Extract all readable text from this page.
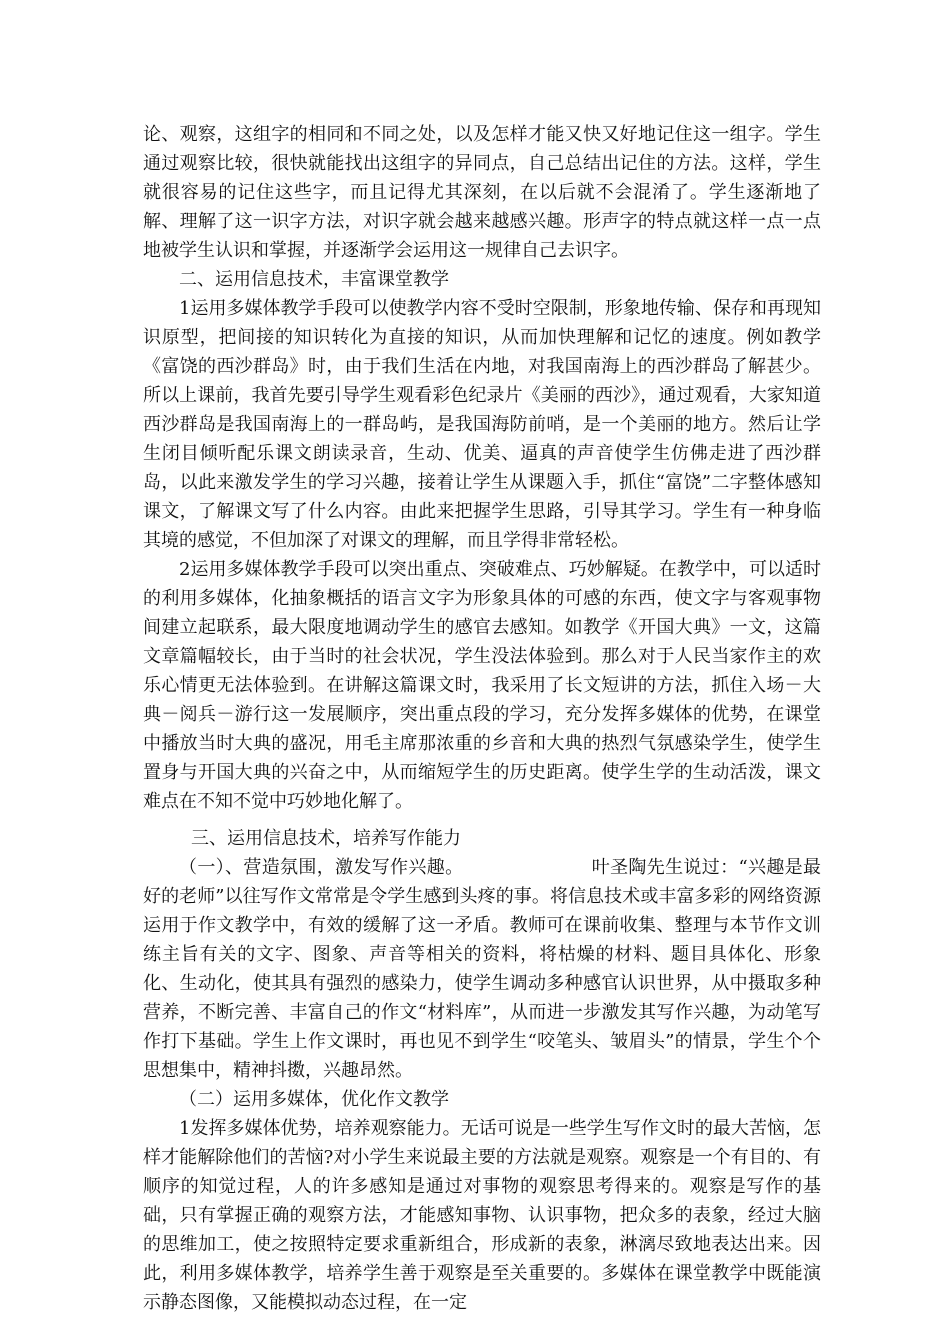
论、观察，这组字的相同和不同之处，以及怎样才能又快又好地记住这一组字。学生通过观察比较，很快就能找出这组字的异同点，自己总结出记住的方法。这样，学生就很容易的记住这些字，而且记得尤其深刻，在以后就不会混淆了。学生逐渐地了解、理解了这一识字方法，对识字就会越来越感兴趣。形声字的特点就这样一点一点地被学生认识和掌握，并逐渐学会运用这一规律自己去识字。

二、运用信息技术，丰富课堂教学

1运用多媒体教学手段可以使教学内容不受时空限制，形象地传输、保存和再现知识原型，把间接的知识转化为直接的知识，从而加快理解和记忆的速度。例如教学《富饶的西沙群岛》时，由于我们生活在内地，对我国南海上的西沙群岛了解甚少。所以上课前，我首先要引导学生观看彩色纪录片《美丽的西沙》，通过观看，大家知道西沙群岛是我国南海上的一群岛屿，是我国海防前哨，是一个美丽的地方。然后让学生闭目倾听配乐课文朗读录音，生动、优美、逼真的声音使学生仿佛走进了西沙群岛，以此来激发学生的学习兴趣，接着让学生从课题入手，抓住“富饶”二字整体感知课文，了解课文写了什么内容。由此来把握学生思路，引导其学习。学生有一种身临其境的感觉，不但加深了对课文的理解，而且学得非常轻松。

2运用多媒体教学手段可以突出重点、突破难点、巧妙解疑。在教学中，可以适时的利用多媒体，化抽象概括的语言文字为形象具体的可感的东西，使文字与客观事物间建立起联系，最大限度地调动学生的感官去感知。如教学《开国大典》一文，这篇文章篇幅较长，由于当时的社会状况，学生没法体验到。那么对于人民当家作主的欢乐心情更无法体验到。在讲解这篇课文时，我采用了长文短讲的方法，抓住入场－大典－阅兵－游行这一发展顺序，突出重点段的学习，充分发挥多媒体的优势，在课堂中播放当时大典的盛况，用毛主席那浓重的乡音和大典的热烈气氛感染学生，使学生置身与开国大典的兴奋之中，从而缩短学生的历史距离。使学生学的生动活泼，课文难点在不知不觉中巧妙地化解了。

三、运用信息技术，培养写作能力

（一）、营造氛围，激发写作兴趣。	叶圣陶先生说过：“兴趣是最好的老师”以往写作文常常是令学生感到头疼的事。将信息技术或丰富多彩的网络资源运用于作文教学中，有效的缓解了这一矛盾。教师可在课前收集、整理与本节作文训练主旨有关的文字、图象、声音等相关的资料，将枯燥的材料、题目具体化、形象化、生动化，使其具有强烈的感染力，使学生调动多种感官认识世界，从中摄取多种营养，不断完善、丰富自己的作文“材料库”，从而进一步激发其写作兴趣，为动笔写作打下基础。学生上作文课时，再也见不到学生“咬笔头、皱眉头”的情景，学生个个思想集中，精神抖擞，兴趣昂然。

（二）运用多媒体，优化作文教学

1发挥多媒体优势，培养观察能力。无话可说是一些学生写作文时的最大苦恼，怎样才能解除他们的苦恼?对小学生来说最主要的方法就是观察。观察是一个有目的、有顺序的知觉过程，人的许多感知是通过对事物的观察思考得来的。观察是写作的基础，只有掌握正确的观察方法，才能感知事物、认识事物，把众多的表象，经过大脑的思维加工，使之按照特定要求重新组合，形成新的表象，淋漓尽致地表达出来。因此，利用多媒体教学，培养学生善于观察是至关重要的。多媒体在课堂教学中既能演示静态图像，又能模拟动态过程，在一定
